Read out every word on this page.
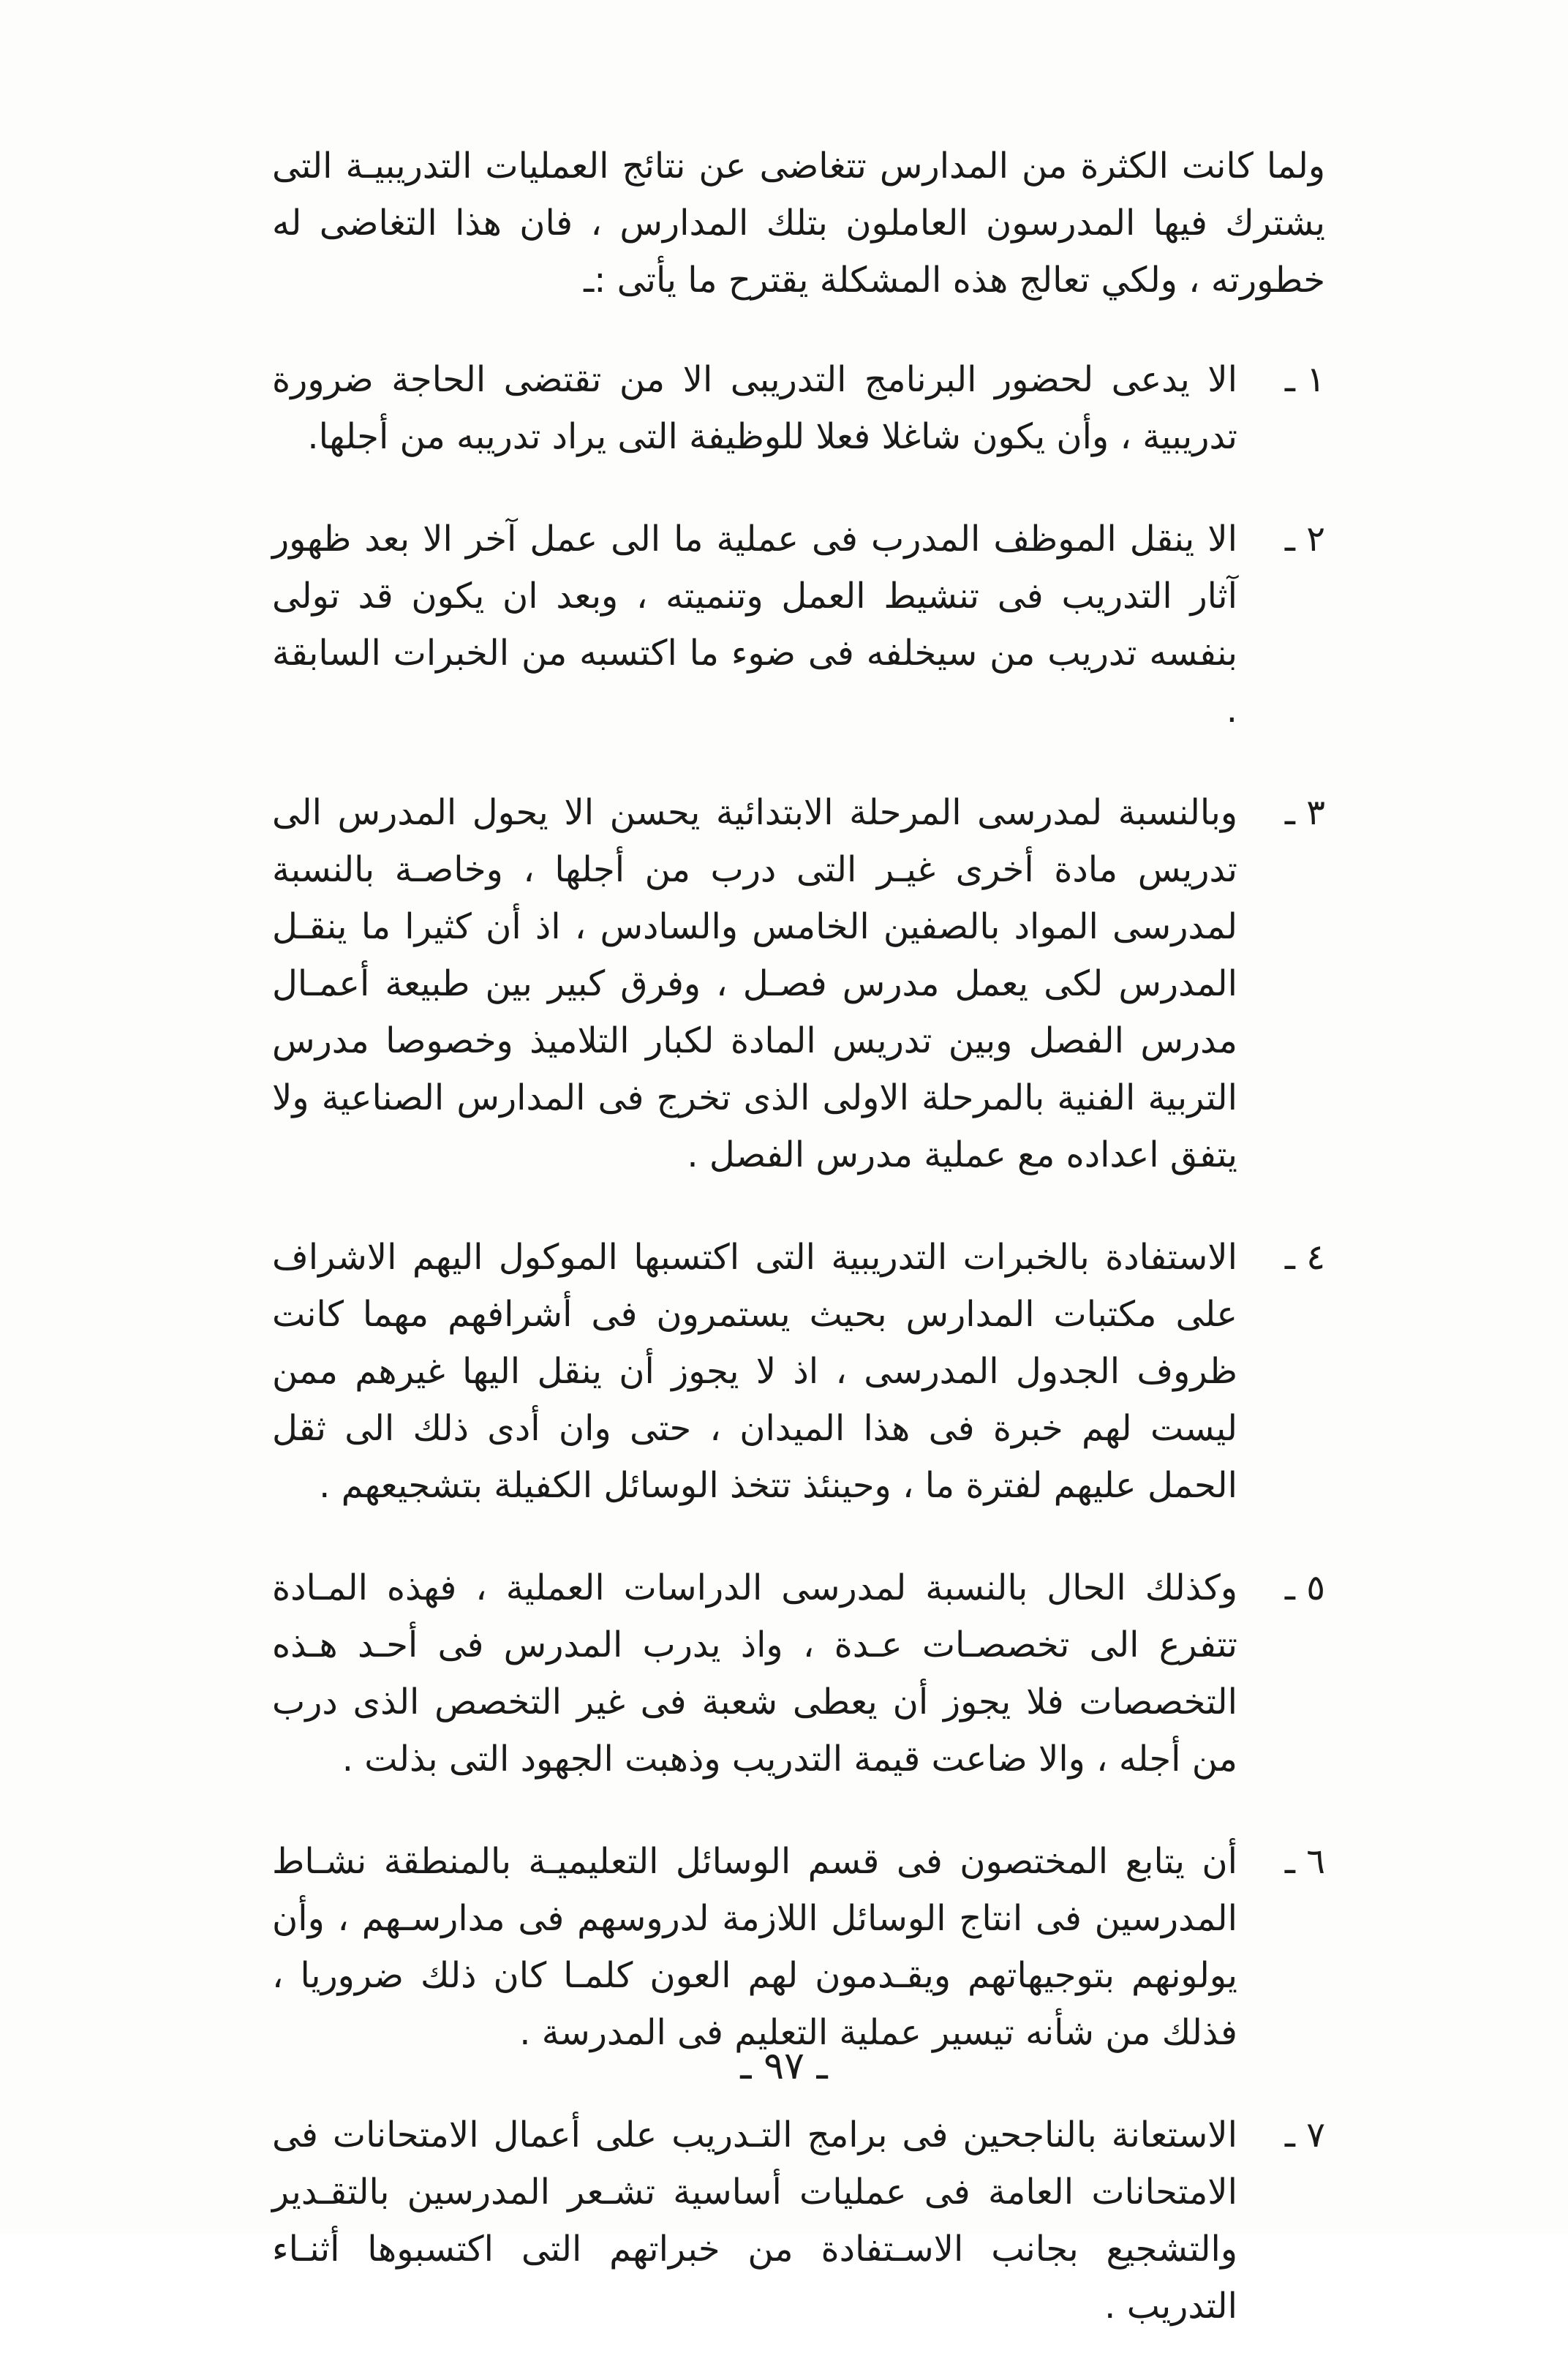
ولما كانت الكثرة من المدارس تتغاضى عن نتائج العمليات التدريبيـة التى يشترك فيها المدرسون العاملون بتلك المدارس ، فان هذا التغاضى له خطورته ، ولكي تعالج هذه المشكلة يقترح ما يأتى :ـ

١ ـ
الا يدعى لحضور البرنامج التدريبى الا من تقتضى الحاجة ضرورة تدريبية ، وأن يكون شاغلا فعلا للوظيفة التى يراد تدريبه من أجلها.
٢ ـ
الا ينقل الموظف المدرب فى عملية ما الى عمل آخر الا بعد ظهور آثار التدريب فى تنشيط العمل وتنميته ، وبعد ان يكون قد تولى بنفسه تدريب من سيخلفه فى ضوء ما اكتسبه من الخبرات السابقة .
٣ ـ
وبالنسبة لمدرسى المرحلة الابتدائية يحسن الا يحول المدرس الى تدريس مادة أخرى غيـر التى درب من أجلها ، وخاصـة بالنسبة لمدرسى المواد بالصفين الخامس والسادس ، اذ أن كثيرا ما ينقـل المدرس لكى يعمل مدرس فصـل ، وفرق كبير بين طبيعة أعمـال مدرس الفصل وبين تدريس المادة لكبار التلاميذ وخصوصا مدرس التربية الفنية بالمرحلة الاولى الذى تخرج فى المدارس الصناعية ولا يتفق اعداده مع عملية مدرس الفصل .
٤ ـ
الاستفادة بالخبرات التدريبية التى اكتسبها الموكول اليهم الاشراف على مكتبات المدارس بحيث يستمرون فى أشرافهم مهما كانت ظروف الجدول المدرسى ، اذ لا يجوز أن ينقل اليها غيرهم ممن ليست لهم خبرة فى هذا الميدان ، حتى وان أدى ذلك الى ثقل الحمل عليهم لفترة ما ، وحينئذ تتخذ الوسائل الكفيلة بتشجيعهم .
٥ ـ
وكذلك الحال بالنسبة لمدرسى الدراسات العملية ، فهذه المـادة تتفرع الى تخصصـات عـدة ، واذ يدرب المدرس فى أحـد هـذه التخصصات فلا يجوز أن يعطى شعبة فى غير التخصص الذى درب من أجله ، والا ضاعت قيمة التدريب وذهبت الجهود التى بذلت .
٦ ـ
أن يتابع المختصون فى قسم الوسائل التعليميـة بالمنطقة نشـاط المدرسين فى انتاج الوسائل اللازمة لدروسهم فى مدارسـهم ، وأن يولونهم بتوجيهاتهم ويقـدمون لهم العون كلمـا كان ذلك ضروريا ، فذلك من شأنه تيسير عملية التعليم فى المدرسة .
٧ ـ
الاستعانة بالناجحين فى برامج التـدريب على أعمال الامتحانات فى الامتحانات العامة فى عمليات أساسية تشـعر المدرسين بالتقـدير والتشجيع بجانب الاسـتفادة من خبراتهم التى اكتسبوها أثنـاء التدريب .
ـ ٩٧ ـ
